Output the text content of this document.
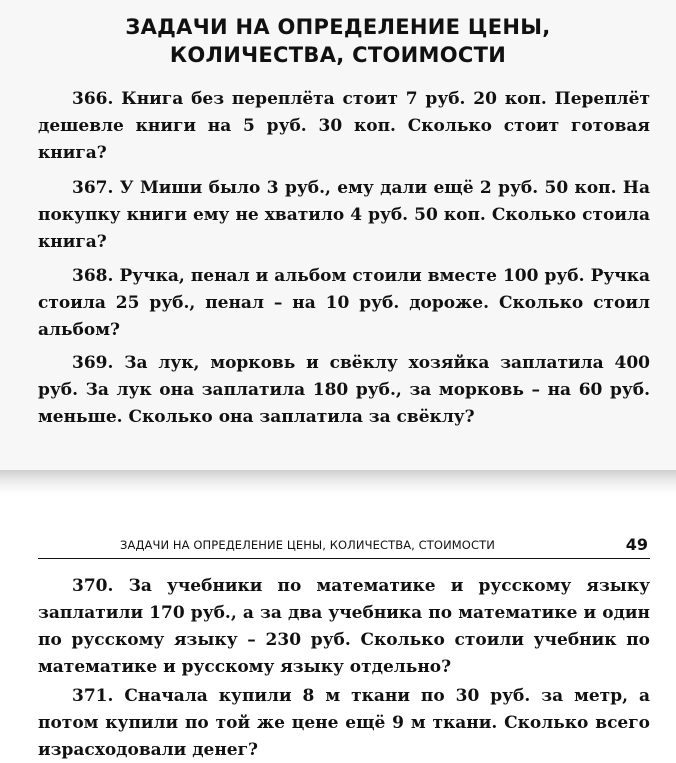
ЗАДАЧИ НА ОПРЕДЕЛЕНИЕ ЦЕНЫ,
КОЛИЧЕСТВА, СТОИМОСТИ

366. Книга без переплёта стоит 7 руб. 20 коп. Переплёт дешевле книги на 5 руб. 30 коп. Сколько стоит готовая книга?

367. У Миши было 3 руб., ему дали ещё 2 руб. 50 коп. На покупку книги ему не хватило 4 руб. 50 коп. Сколько стоила книга?

368. Ручка, пенал и альбом стоили вместе 100 руб. Ручка стоила 25 руб., пенал – на 10 руб. дороже. Сколько стоил альбом?

369. За лук, морковь и свёклу хозяйка заплатила 400 руб. За лук она заплатила 180 руб., за морковь – на 60 руб. меньше. Сколько она заплатила за свёклу?

ЗАДАЧИ НА ОПРЕДЕЛЕНИЕ ЦЕНЫ, КОЛИЧЕСТВА, СТОИМОСТИ	49

370. За учебники по математике и русскому языку заплатили 170 руб., а за два учебника по математике и один по русскому языку – 230 руб. Сколько стоили учебник по математике и русскому языку отдельно?

371. Сначала купили 8 м ткани по 30 руб. за метр, а потом купили по той же цене ещё 9 м ткани. Сколько всего израсходовали денег?
